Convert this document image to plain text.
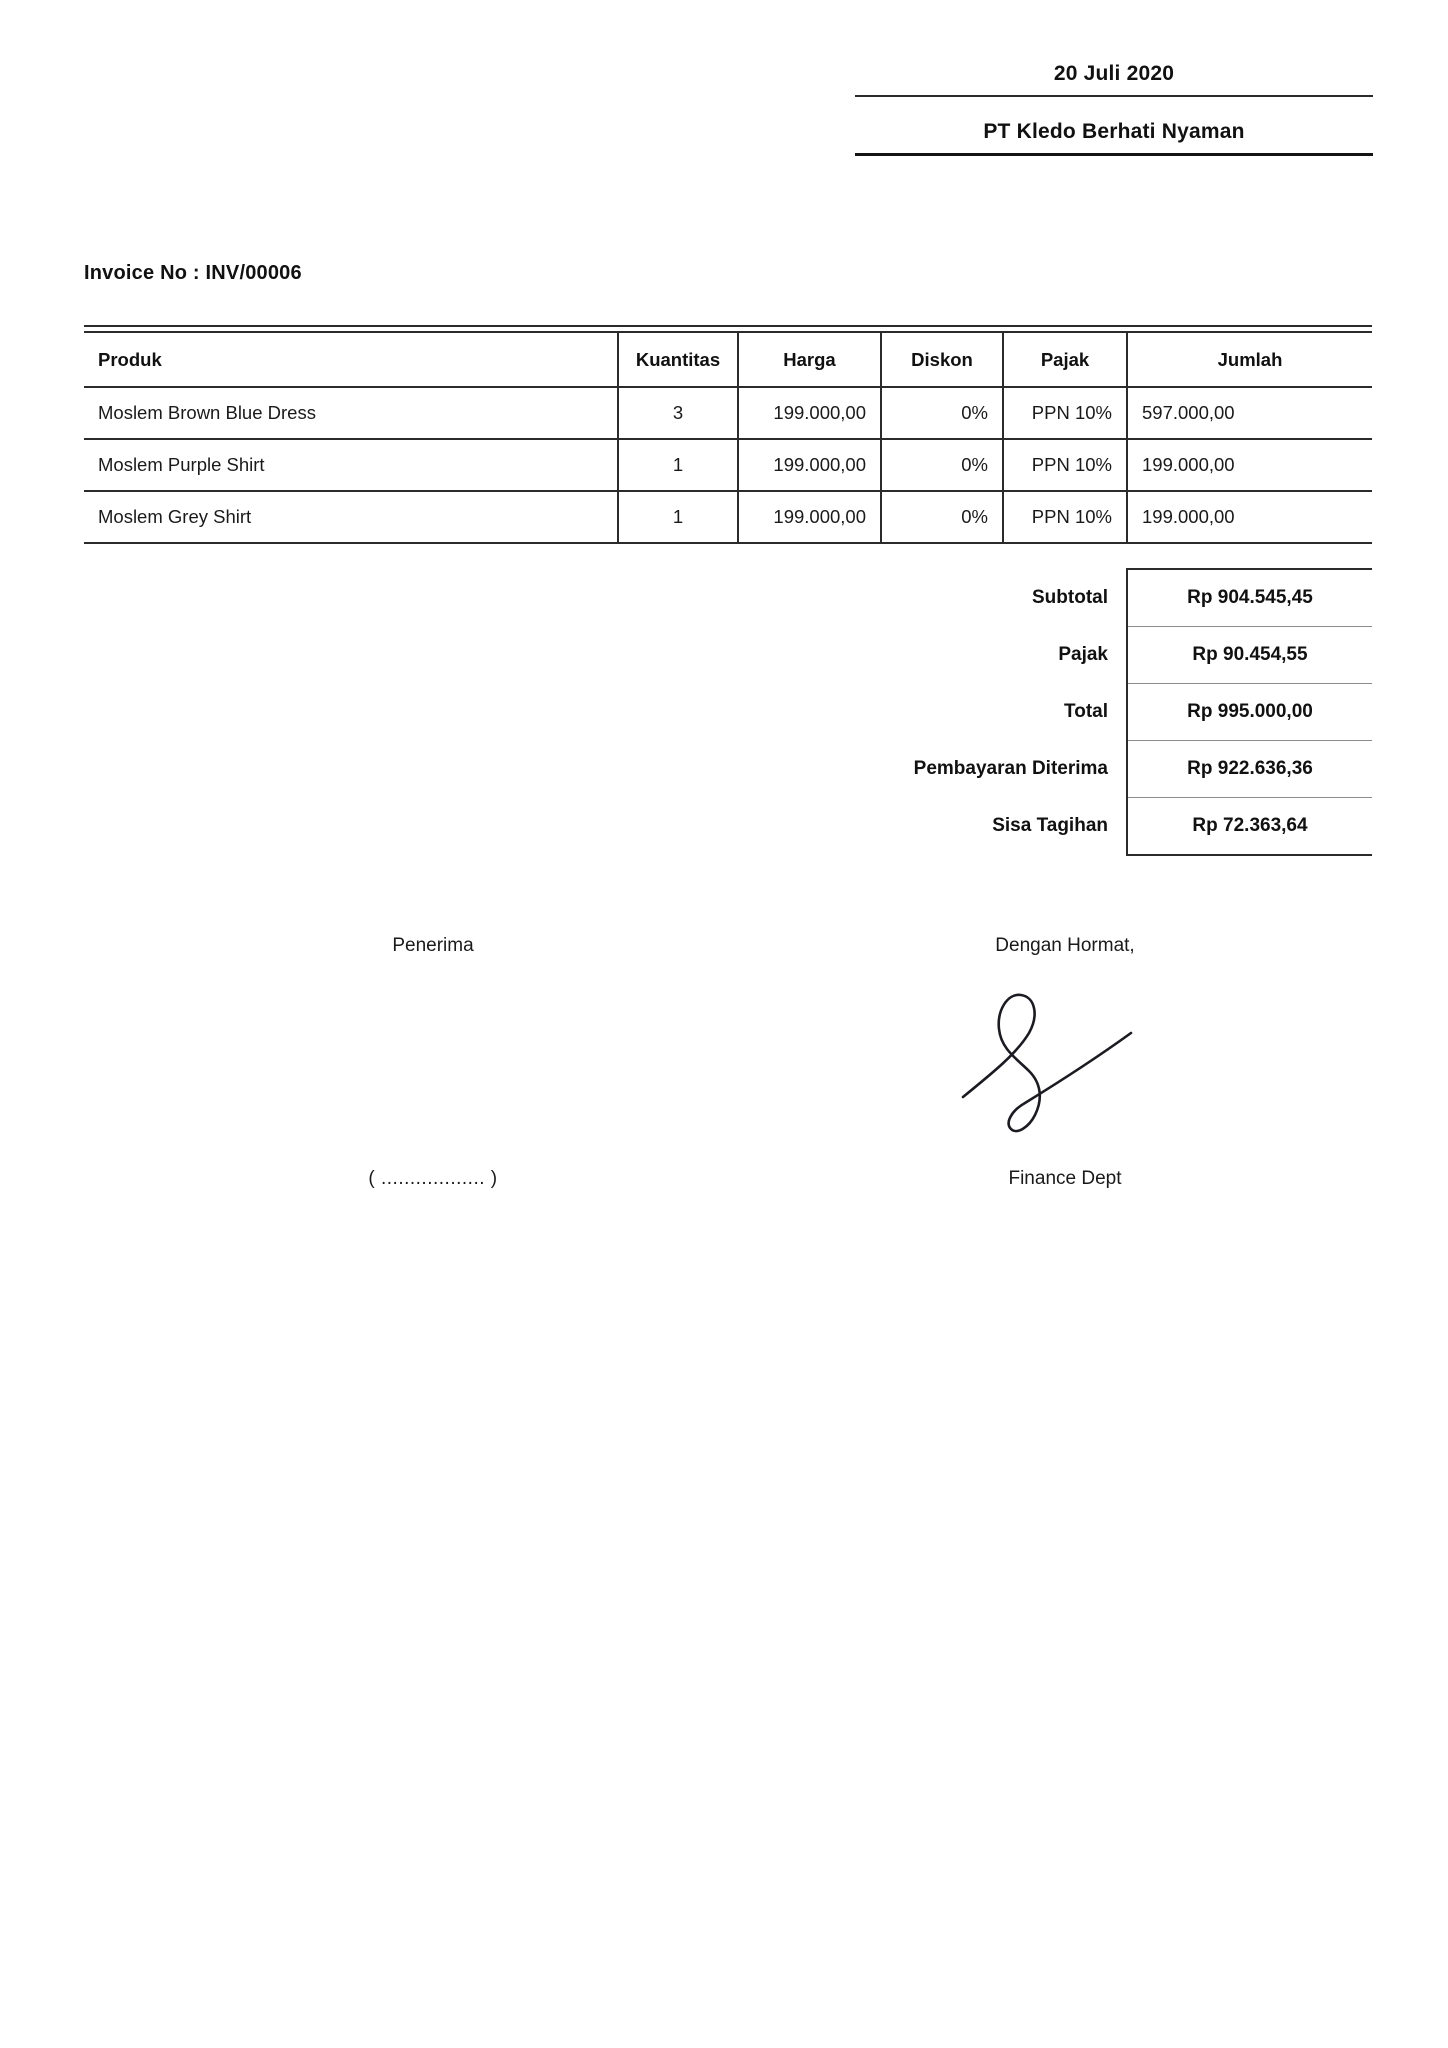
20 Juli 2020
PT Kledo Berhati Nyaman
Invoice No : INV/00006
Produk	Kuantitas	Harga	Diskon	Pajak	Jumlah
Moslem Brown Blue Dress	3	199.000,00	0%	PPN 10%	597.000,00
Moslem Purple Shirt	1	199.000,00	0%	PPN 10%	199.000,00
Moslem Grey Shirt	1	199.000,00	0%	PPN 10%	199.000,00
Subtotal	Rp 904.545,45
Pajak	Rp 90.454,55
Total	Rp 995.000,00
Pembayaran Diterima	Rp 922.636,36
Sisa Tagihan	Rp 72.363,64
Penerima	Dengan Hormat,
( .................. )	Finance Dept
